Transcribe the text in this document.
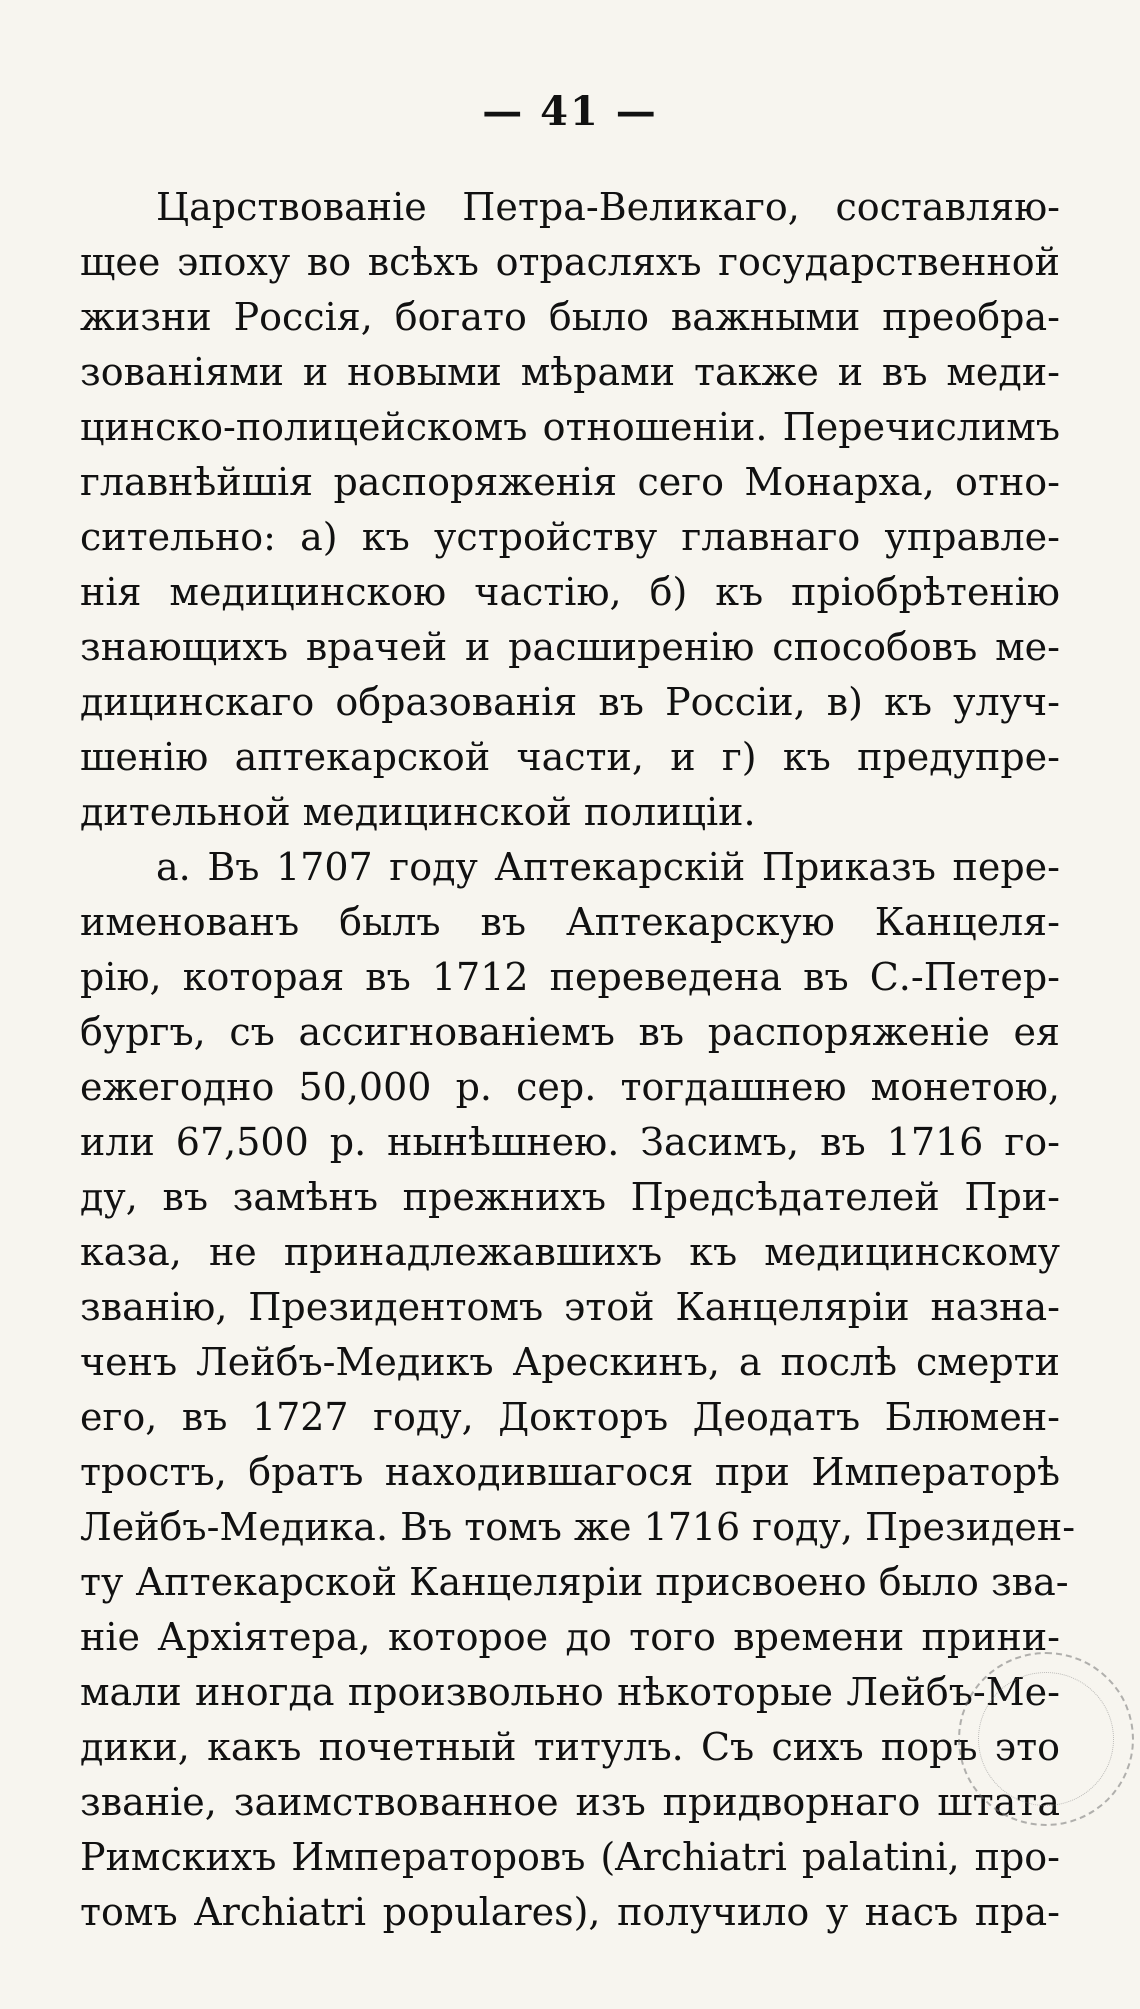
— 41 —
Царствованіе Петра-Великаго, составляю-
щее эпоху во всѣхъ отрасляхъ государственной
жизни Россія, богато было важными преобра-
зованіями и новыми мѣрами также и въ меди-
цинско-полицейскомъ отношеніи. Перечислимъ
главнѣйшія распоряженія сего Монарха, отно-
сительно: а) къ устройству главнаго управле-
нія медицинскою частію, б) къ пріобрѣтенію
знающихъ врачей и расширенію способовъ ме-
дицинскаго образованія въ Россіи, в) къ улуч-
шенію аптекарской части, и г) къ предупре-
дительной медицинской полиціи.
а. Въ 1707 году Аптекарскій Приказъ пере-
именованъ былъ въ Аптекарскую Канцеля-
рію, которая въ 1712 переведена въ С.-Петер-
бургъ, съ ассигнованіемъ въ распоряженіе ея
ежегодно 50,000 р. сер. тогдашнею монетою,
или 67,500 р. нынѣшнею. Засимъ, въ 1716 го-
ду, въ замѣнъ прежнихъ Предсѣдателей При-
каза, не принадлежавшихъ къ медицинскому
званію, Президентомъ этой Канцеляріи назна-
ченъ Лейбъ-Медикъ Арескинъ, а послѣ смерти
его, въ 1727 году, Докторъ Деодатъ Блюмен-
тростъ, братъ находившагося при Императорѣ
Лейбъ-Медика. Въ томъ же 1716 году, Президен-
ту Аптекарской Канцеляріи присвоено было зва-
ніе Архіятера, которое до того времени прини-
мали иногда произвольно нѣкоторые Лейбъ-Ме-
дики, какъ почетный титулъ. Съ сихъ поръ это
званіе, заимствованное изъ придворнаго штата
Римскихъ Императоровъ (Archiatri palatini, про-
томъ Archiatri populares), получило у насъ пра-
